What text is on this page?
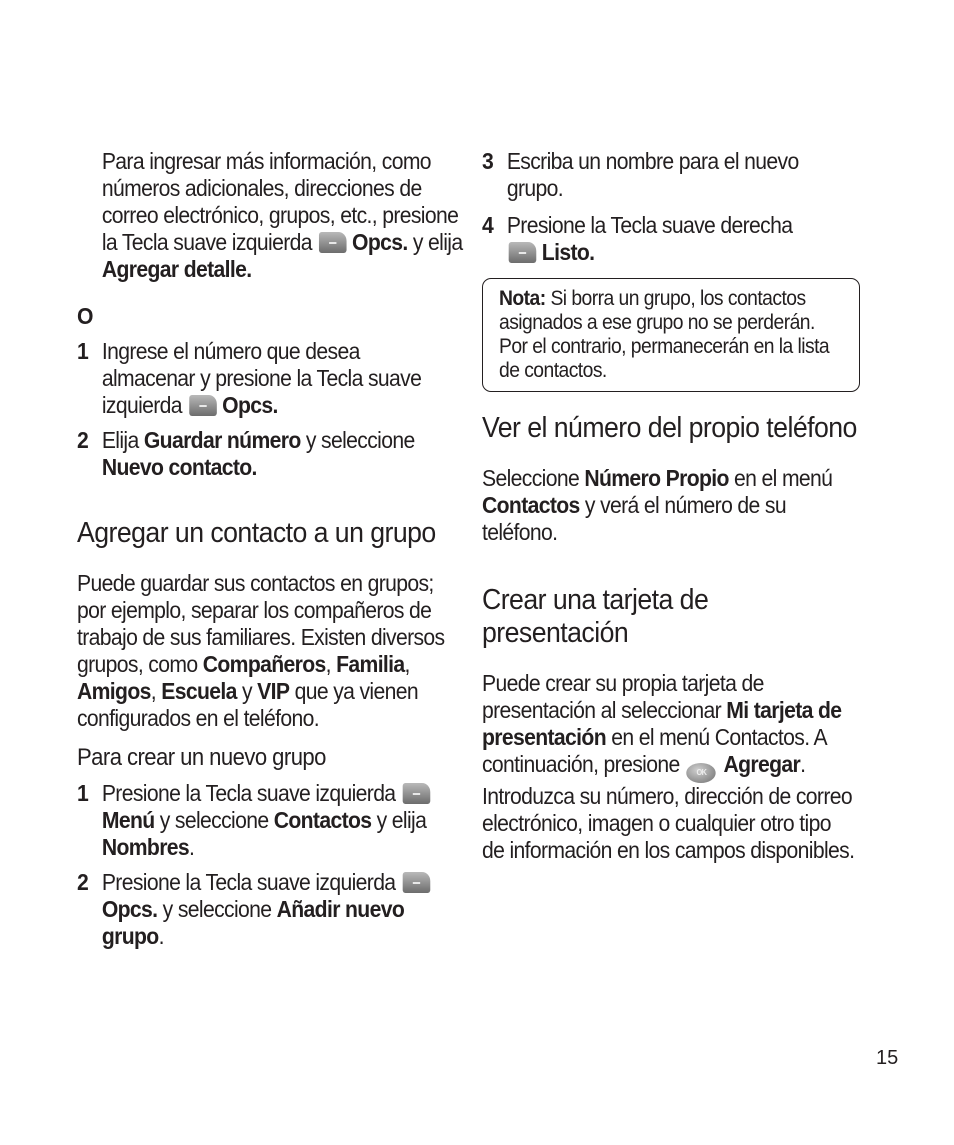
Para ingresar más información, como números adicionales, direcciones de correo electrónico, grupos, etc., presione la Tecla suave izquierda Opcs. y elija Agregar detalle.
O
1 Ingrese el número que desea almacenar y presione la Tecla suave izquierda Opcs.
2 Elija Guardar número y seleccione Nuevo contacto.
Agregar un contacto a un grupo
Puede guardar sus contactos en grupos; por ejemplo, separar los compañeros de trabajo de sus familiares. Existen diversos grupos, como Compañeros, Familia, Amigos, Escuela y VIP que ya vienen configurados en el teléfono.
Para crear un nuevo grupo
1 Presione la Tecla suave izquierda Menú y seleccione Contactos y elija Nombres.
2 Presione la Tecla suave izquierda Opcs. y seleccione Añadir nuevo grupo.
3 Escriba un nombre para el nuevo grupo.
4 Presione la Tecla suave derecha
Listo.
Nota: Si borra un grupo, los contactos asignados a ese grupo no se perderán. Por el contrario, permanecerán en la lista de contactos.
Ver el número del propio teléfono
Seleccione Número Propio en el menú Contactos y verá el número de su teléfono.
Crear una tarjeta de presentación
Puede crear su propia tarjeta de presentación al seleccionar Mi tarjeta de presentación en el menú Contactos. A continuación, presione OK Agregar. Introduzca su número, dirección de correo electrónico, imagen o cualquier otro tipo de información en los campos disponibles.
15
